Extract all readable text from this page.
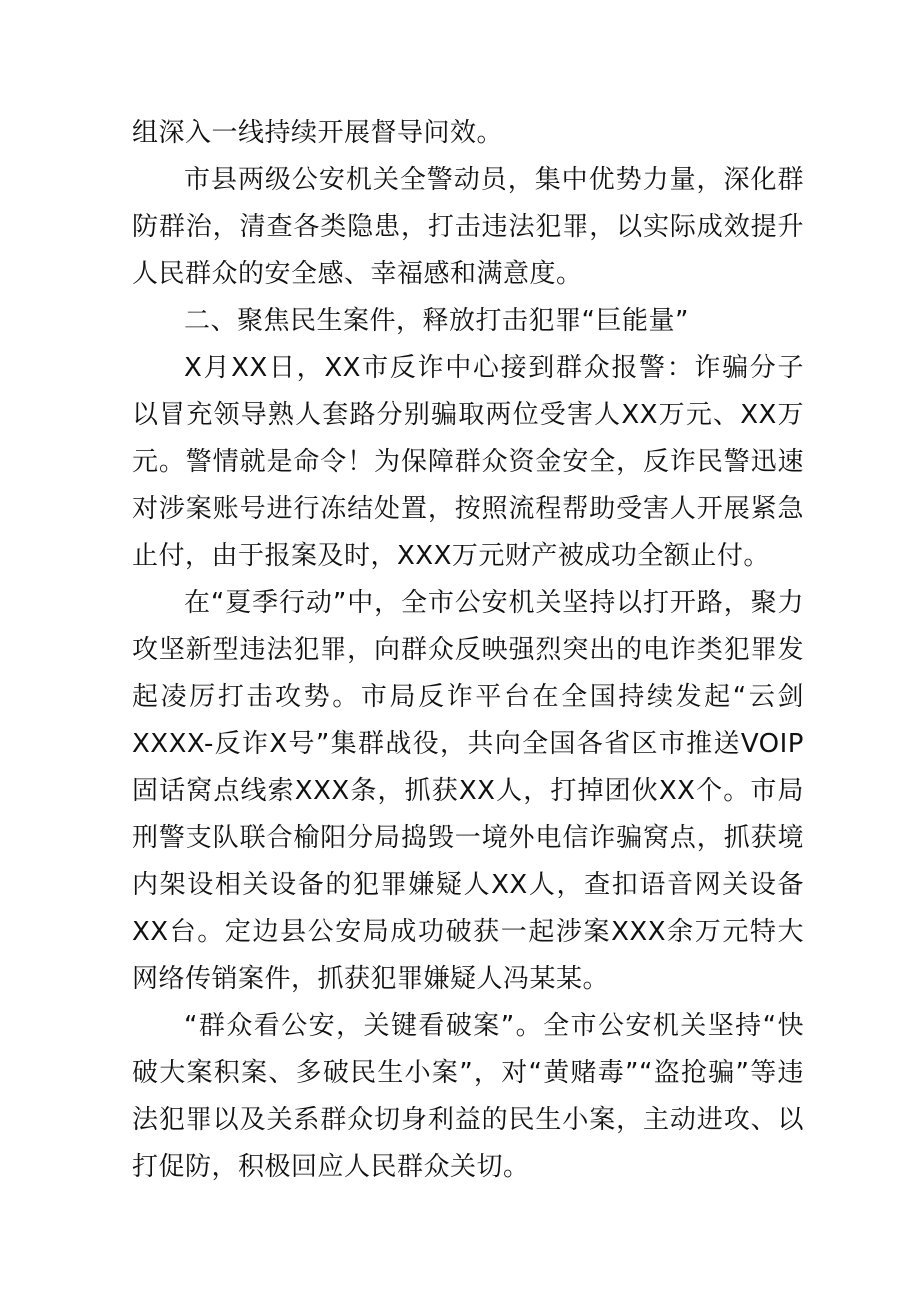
组深入一线持续开展督导问效。

市县两级公安机关全警动员，集中优势力量，深化群防群治，清查各类隐患，打击违法犯罪，以实际成效提升人民群众的安全感、幸福感和满意度。

二、聚焦民生案件，释放打击犯罪“巨能量”

X月XX日，XX市反诈中心接到群众报警：诈骗分子以冒充领导熟人套路分别骗取两位受害人XX万元、XX万元。警情就是命令！为保障群众资金安全，反诈民警迅速对涉案账号进行冻结处置，按照流程帮助受害人开展紧急止付，由于报案及时，XXX万元财产被成功全额止付。

在“夏季行动”中，全市公安机关坚持以打开路，聚力攻坚新型违法犯罪，向群众反映强烈突出的电诈类犯罪发起凌厉打击攻势。市局反诈平台在全国持续发起“云剑XXXX-反诈X号”集群战役，共向全国各省区市推送VOIP固话窝点线索XXX条，抓获XX人，打掉团伙XX个。市局刑警支队联合榆阳分局捣毁一境外电信诈骗窝点，抓获境内架设相关设备的犯罪嫌疑人XX人，查扣语音网关设备XX台。定边县公安局成功破获一起涉案XXX余万元特大网络传销案件，抓获犯罪嫌疑人冯某某。

“群众看公安，关键看破案”。全市公安机关坚持“快破大案积案、多破民生小案”，对“黄赌毒”“盗抢骗”等违法犯罪以及关系群众切身利益的民生小案，主动进攻、以打促防，积极回应人民群众关切。
